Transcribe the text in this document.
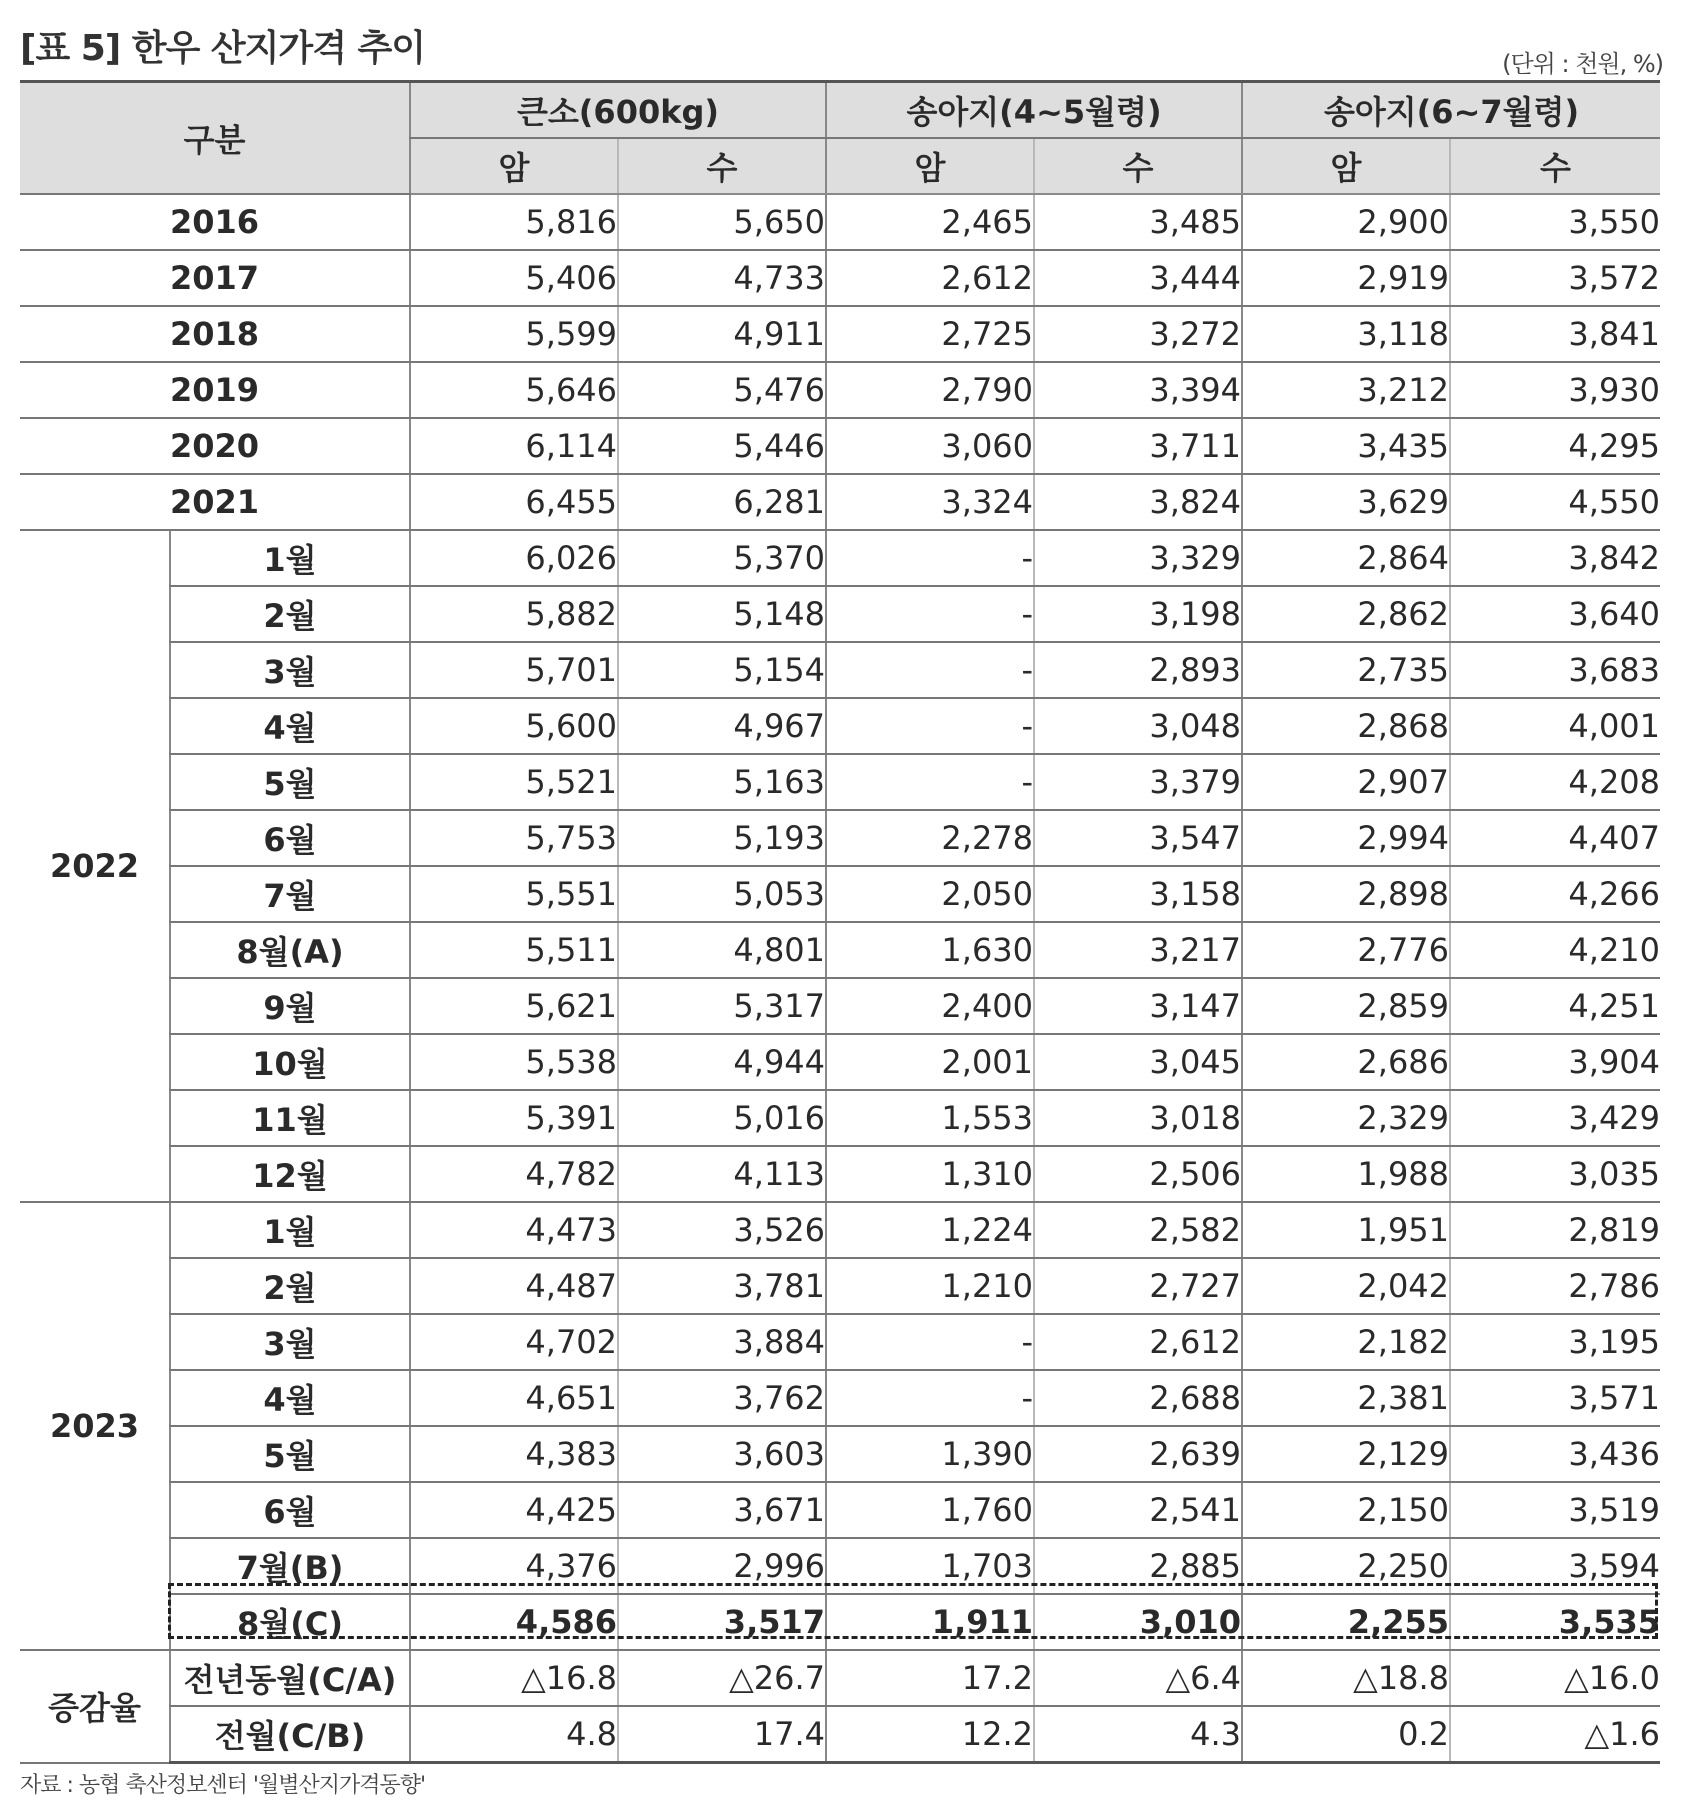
[표 5] 한우 산지가격 추이	(단위 : 천원, %)
구분		큰소(600kg)		송아지(4~5월령)		송아지(6~7월령)	
		암	수	암	수	암	수
2016		5,816	5,650	2,465	3,485	2,900	3,550
2017		5,406	4,733	2,612	3,444	2,919	3,572
2018		5,599	4,911	2,725	3,272	3,118	3,841
2019		5,646	5,476	2,790	3,394	3,212	3,930
2020		6,114	5,446	3,060	3,711	3,435	4,295
2021		6,455	6,281	3,324	3,824	3,629	4,550
2022	1월	6,026	5,370	-	3,329	2,864	3,842
	2월	5,882	5,148	-	3,198	2,862	3,640
	3월	5,701	5,154	-	2,893	2,735	3,683
	4월	5,600	4,967	-	3,048	2,868	4,001
	5월	5,521	5,163	-	3,379	2,907	4,208
	6월	5,753	5,193	2,278	3,547	2,994	4,407
	7월	5,551	5,053	2,050	3,158	2,898	4,266
	8월(A)	5,511	4,801	1,630	3,217	2,776	4,210
	9월	5,621	5,317	2,400	3,147	2,859	4,251
	10월	5,538	4,944	2,001	3,045	2,686	3,904
	11월	5,391	5,016	1,553	3,018	2,329	3,429
	12월	4,782	4,113	1,310	2,506	1,988	3,035
2023	1월	4,473	3,526	1,224	2,582	1,951	2,819
	2월	4,487	3,781	1,210	2,727	2,042	2,786
	3월	4,702	3,884	-	2,612	2,182	3,195
	4월	4,651	3,762	-	2,688	2,381	3,571
	5월	4,383	3,603	1,390	2,639	2,129	3,436
	6월	4,425	3,671	1,760	2,541	2,150	3,519
	7월(B)	4,376	2,996	1,703	2,885	2,250	3,594
	8월(C)	4,586	3,517	1,911	3,010	2,255	3,535
증감율	전년동월(C/A)	△16.8	△26.7	17.2	△6.4	△18.8	△16.0
	전월(C/B)	4.8	17.4	12.2	4.3	0.2	△1.6
자료 : 농협 축산정보센터 '월별산지가격동향'
